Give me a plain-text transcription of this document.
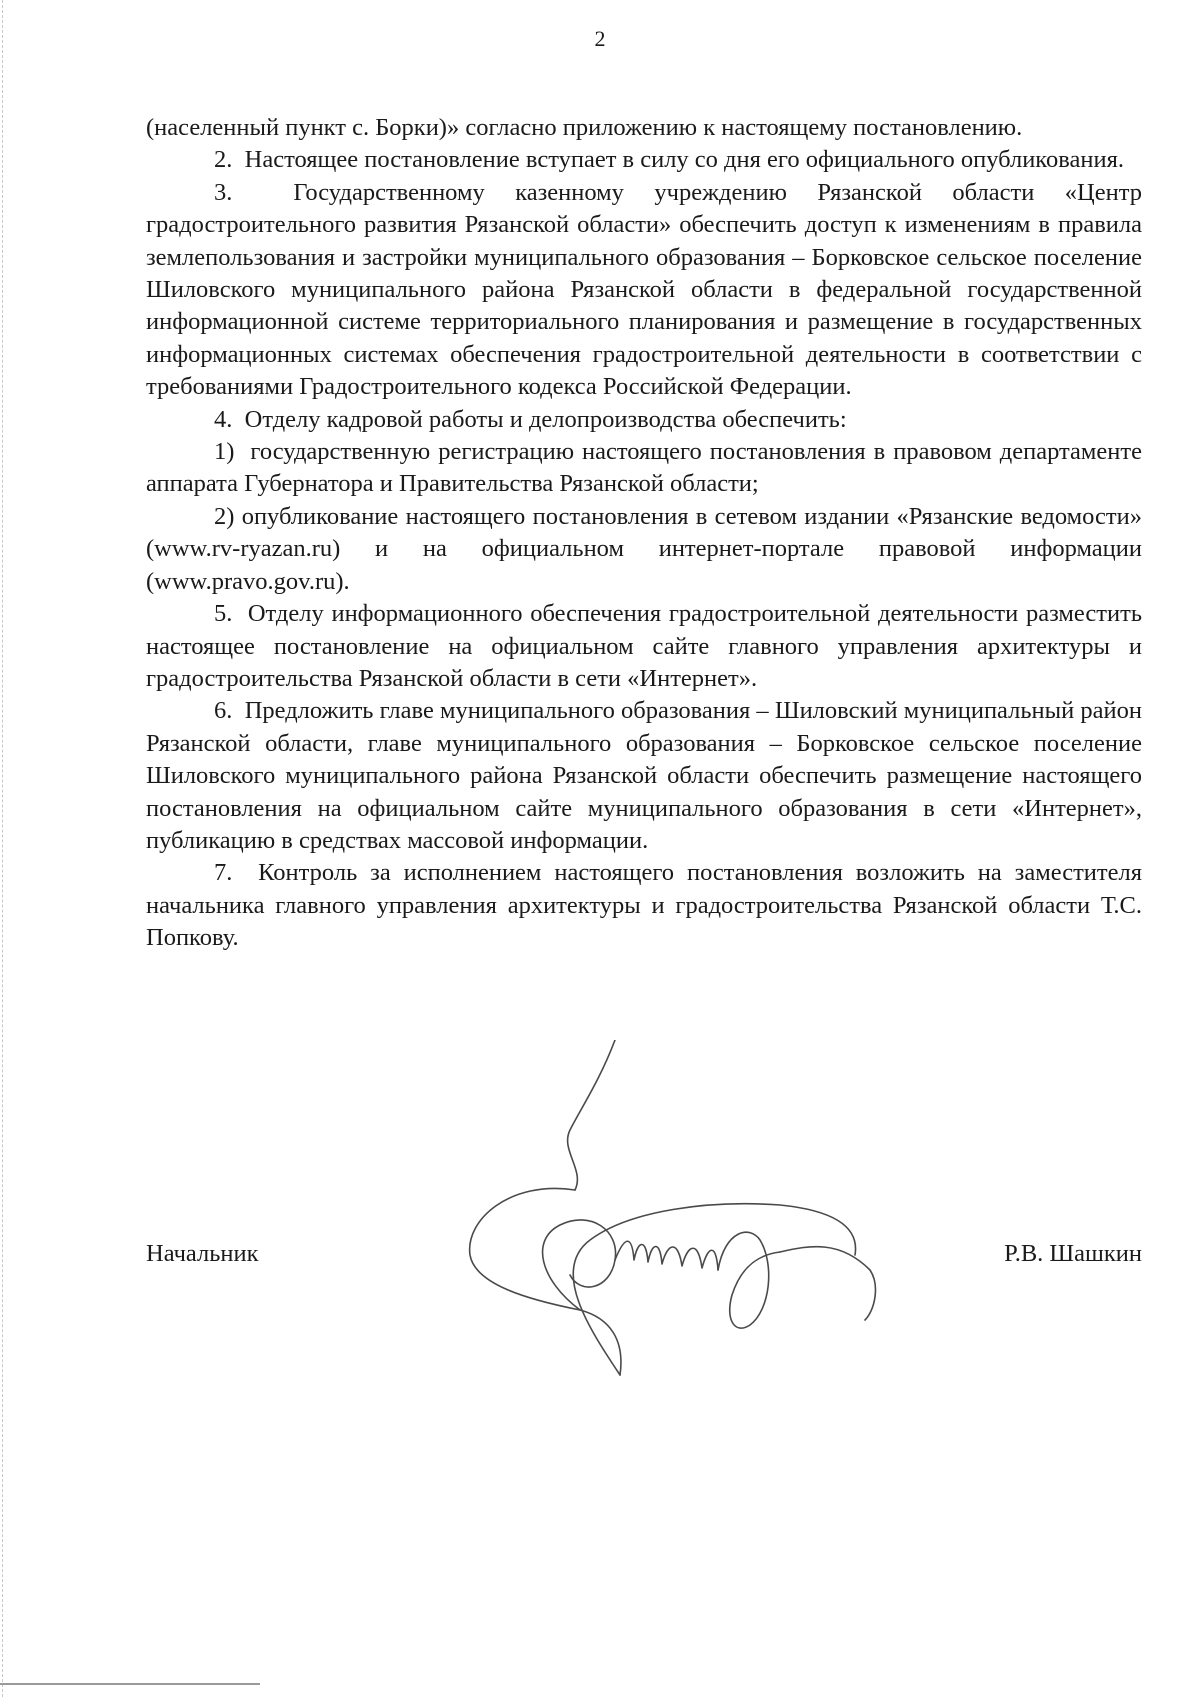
2

(населенный пункт с. Борки)» согласно приложению к настоящему постановлению.

2.  Настоящее постановление вступает в силу со дня его официального опубликования.

3.  Государственному казенному учреждению Рязанской области «Центр градостроительного развития Рязанской области» обеспечить доступ к изменениям в правила землепользования и застройки муниципального образования – Борковское сельское поселение Шиловского муниципального района Рязанской области в федеральной государственной информационной системе территориального планирования и размещение в государственных информационных системах обеспечения градостроительной деятельности в соответствии с требованиями Градостроительного кодекса Российской Федерации.

4.  Отделу кадровой работы и делопроизводства обеспечить:

1)  государственную регистрацию настоящего постановления в правовом департаменте аппарата Губернатора и Правительства Рязанской области;

2) опубликование настоящего постановления в сетевом издании «Рязанские ведомости» (www.rv-ryazan.ru) и на официальном интернет-портале правовой информации (www.pravo.gov.ru).

5.  Отделу информационного обеспечения градостроительной деятельности разместить настоящее постановление на официальном сайте главного управления архитектуры и градостроительства Рязанской области в сети «Интернет».

6.  Предложить главе муниципального образования – Шиловский муниципальный район Рязанской области, главе муниципального образования – Борковское сельское поселение Шиловского муниципального района Рязанской области обеспечить размещение настоящего постановления на официальном сайте муниципального образования в сети «Интернет», публикацию в средствах массовой информации.

7.  Контроль за исполнением настоящего постановления возложить на заместителя начальника главного управления архитектуры и градостроительства Рязанской области Т.С. Попкову.

Начальник	Р.В. Шашкин
